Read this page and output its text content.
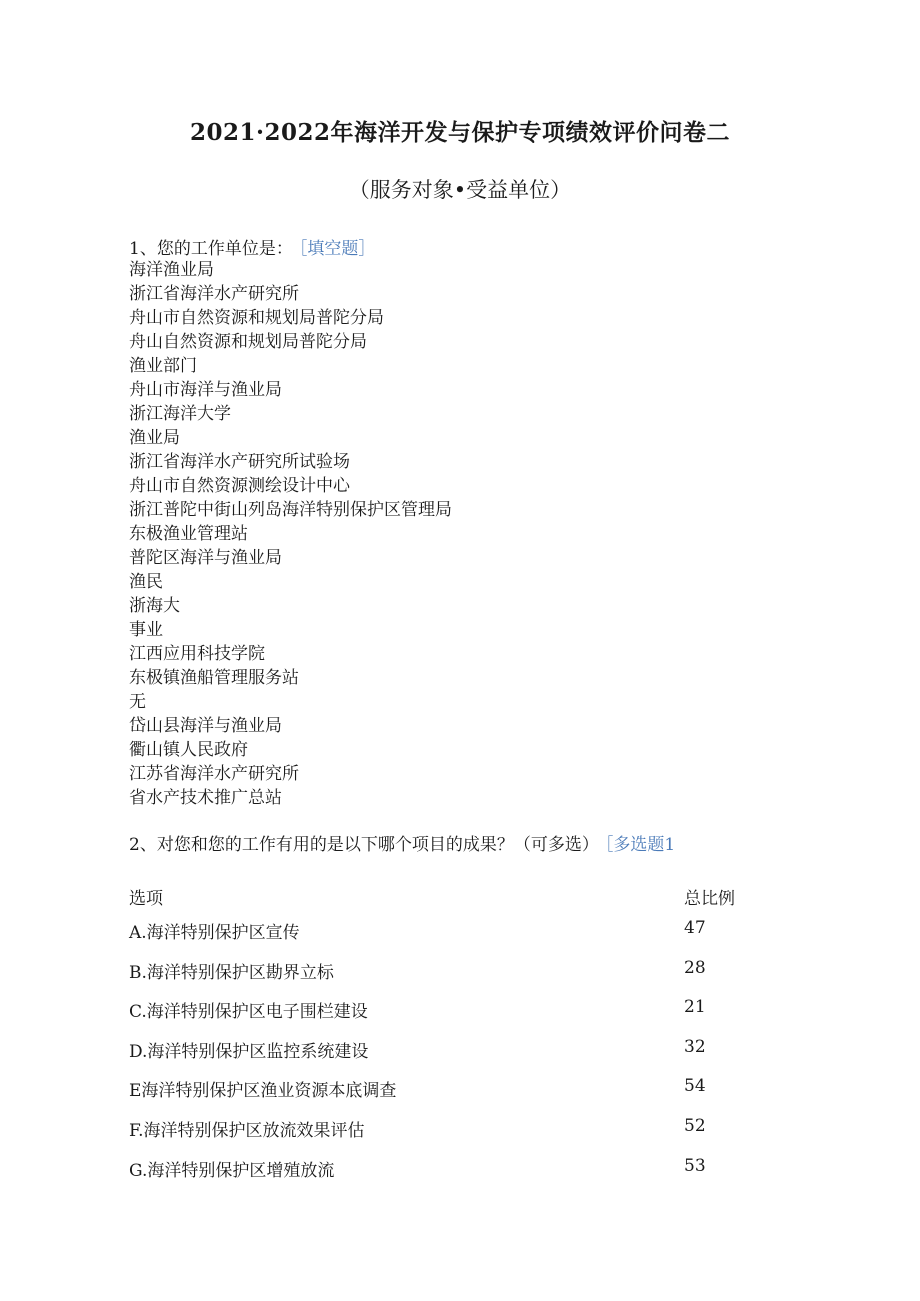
2021·2022年海洋开发与保护专项绩效评价问卷二
（服务对象•受益单位）
1、您的工作单位是： ［填空题］
海洋渔业局
浙江省海洋水产研究所
舟山市自然资源和规划局普陀分局
舟山自然资源和规划局普陀分局
渔业部门
舟山市海洋与渔业局
浙江海洋大学
渔业局
浙江省海洋水产研究所试验场
舟山市自然资源测绘设计中心
浙江普陀中街山列岛海洋特别保护区管理局
东极渔业管理站
普陀区海洋与渔业局
渔民
浙海大
事业
江西应用科技学院
东极镇渔船管理服务站
无
岱山县海洋与渔业局
衢山镇人民政府
江苏省海洋水产研究所
省水产技术推广总站
2、对您和您的工作有用的是以下哪个项目的成果？（可多选） ［多选题1
选项	总比例
A.海洋特别保护区宣传	47
B.海洋特别保护区勘界立标	28
C.海洋特别保护区电子围栏建设	21
D.海洋特别保护区监控系统建设	32
E海洋特别保护区渔业资源本底调查	54
F.海洋特别保护区放流效果评估	52
G.海洋特别保护区增殖放流	53
